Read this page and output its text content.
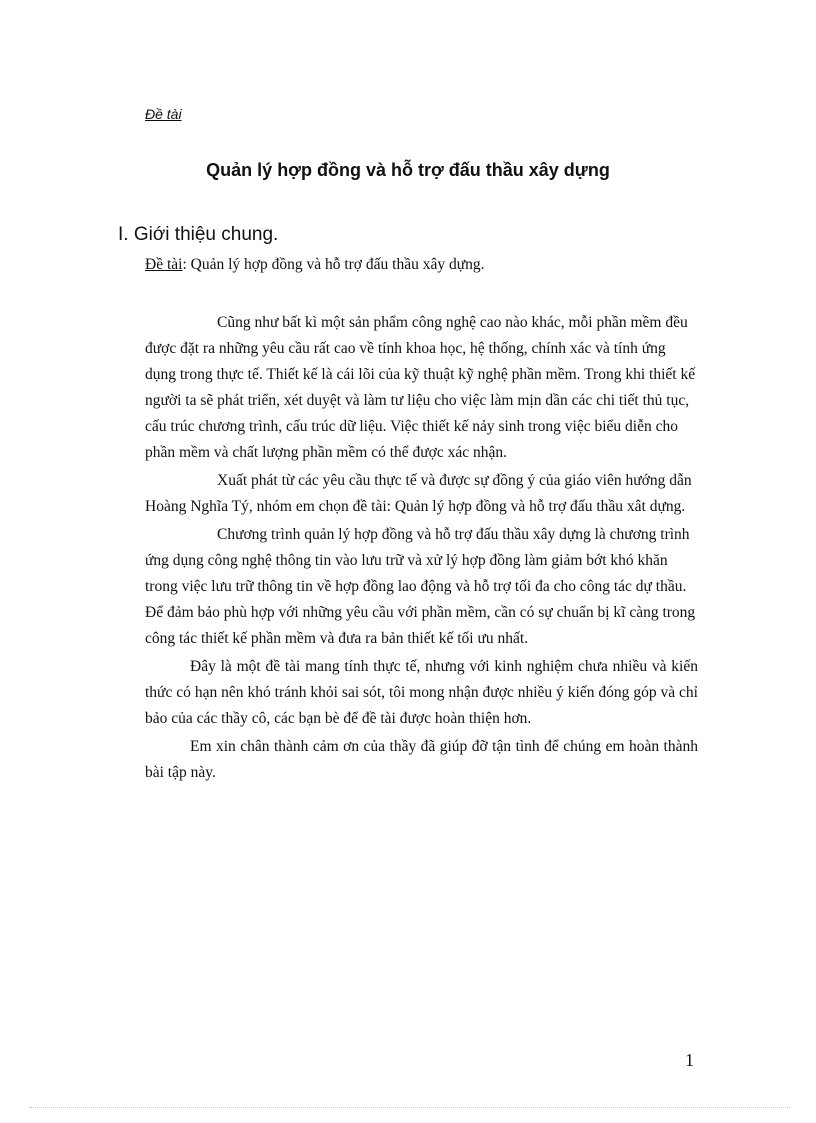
Đề tài
Quản lý hợp đồng và hỗ trợ đấu thầu xây dựng
I. Giới thiệu chung.
Đề tài: Quản lý hợp đồng và hỗ trợ đấu thầu xây dựng.

Cũng như bất kì một sản phẩm công nghệ cao nào khác, mỗi phần mềm đều được đặt ra những yêu cầu rất cao về tính khoa học, hệ thống, chính xác và tính ứng dụng trong thực tế. Thiết kế là cái lõi của kỹ thuật kỹ nghệ phần mềm. Trong khi thiết kế người ta sẽ phát triển, xét duyệt và làm tư liệu cho việc làm mịn dần các chi tiết thủ tục, cấu trúc chương trình, cấu trúc dữ liệu. Việc thiết kế nảy sinh trong việc biểu diễn cho phần mềm và chất lượng phần mềm có thể được xác nhận.

Xuất phát từ các yêu cầu thực tế và được sự đồng ý của giáo viên hướng dẫn Hoàng Nghĩa Tý, nhóm em chọn đề tài: Quản lý hợp đồng và hỗ trợ đấu thầu xât dựng.

Chương trình quản lý hợp đồng và hỗ trợ đấu thầu xây dựng là chương trình ứng dụng công nghệ thông tin vào lưu trữ và xử lý hợp đồng làm giảm bớt khó khăn trong việc lưu trữ thông tin về hợp đồng lao động và hỗ trợ tối đa cho công tác dự thầu. Để đảm bảo phù hợp với những yêu cầu với phần mềm, cần có sự chuẩn bị kĩ càng trong công tác thiết kế phần mềm và đưa ra bản thiết kế tối ưu nhất.

Đây là một đề tài mang tính thực tế, nhưng với kinh nghiệm chưa nhiều và kiến thức có hạn nên khó tránh khỏi sai sót, tôi mong nhận được nhiều ý kiến đóng góp và chỉ bảo của các thầy cô, các bạn bè để đề tài được hoàn thiện hơn.

Em xin chân thành cảm ơn của thầy đã giúp đỡ tận tình để chúng em hoàn thành bài tập này.

1
